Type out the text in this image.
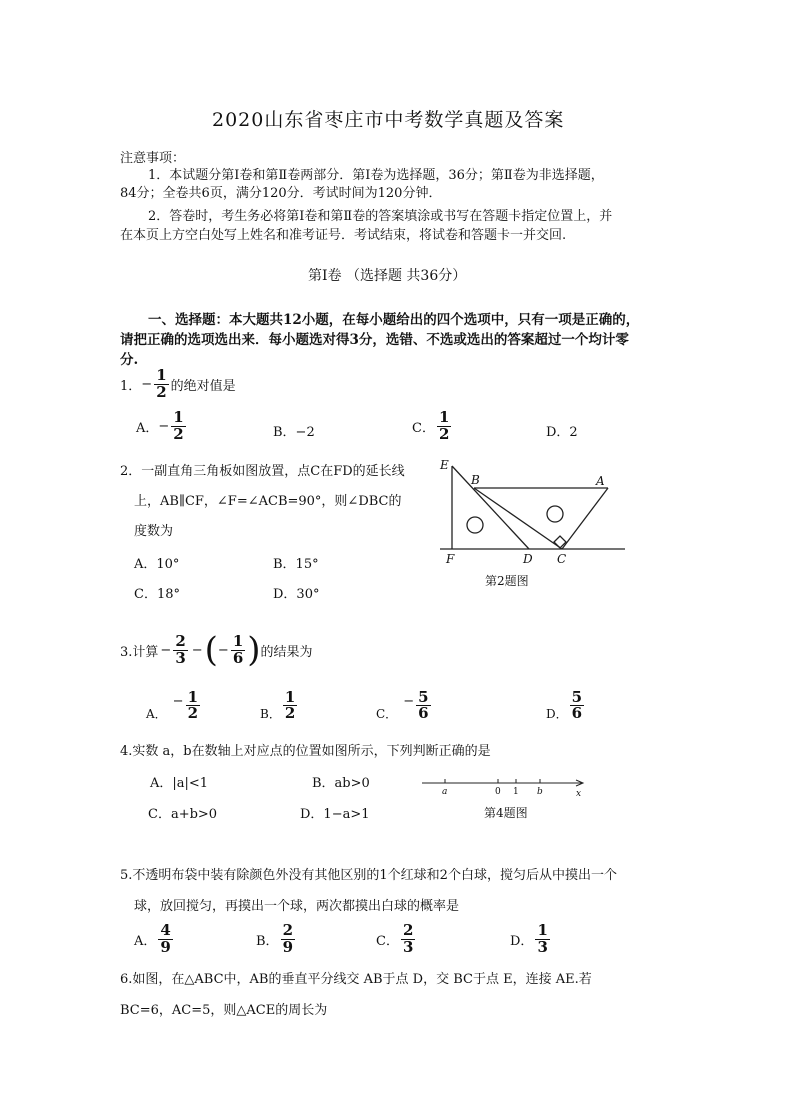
2020山东省枣庄市中考数学真题及答案
注意事项：
1．本试题分第Ⅰ卷和第Ⅱ卷两部分．第Ⅰ卷为选择题，36分；第Ⅱ卷为非选择题，
84分；全卷共6页，满分120分．考试时间为120分钟．
2．答卷时，考生务必将第Ⅰ卷和第Ⅱ卷的答案填涂或书写在答题卡指定位置上，并
在本页上方空白处写上姓名和准考证号．考试结束，将试卷和答题卡一并交回.
第Ⅰ卷 （选择题 共36分）
一、选择题：本大题共12小题，在每小题给出的四个选项中，只有一项是正确的，
请把正确的选项选出来．每小题选对得3分，选错、不选或选出的答案超过一个均计零
分.
1． − $\frac{1}{2}$ 的绝对值是
A． − $\frac{1}{2}$	B．−2	C． $\frac{1}{2}$	D．2
2．一副直角三角板如图放置，点C在FD的延长线
上，AB∥CF，∠F=∠ACB=90°，则∠DBC的
度数为
A．10°	B．15°
C．18°	D．30°
E
B	A
F	D C
第2题图
3.计算 − $\frac{2}{3}$ − ( − $\frac{1}{6}$ ) 的结果为
A．
− $\frac{1}{2}$	B． $\frac{1}{2}$	C．
− $\frac{5}{6}$	D． $\frac{5}{6}$
4.实数 a，b在数轴上对应点的位置如图所示，下列判断正确的是
A．|a|<1	B．ab>0
C．a+b>0	D．1−a>1
a	0 1 b	x
第4题图
5.不透明布袋中装有除颜色外没有其他区别的1个红球和2个白球，搅匀后从中摸出一个
球，放回搅匀，再摸出一个球，两次都摸出白球的概率是
A． $\frac{4}{9}$	B． $\frac{2}{9}$	C． $\frac{2}{3}$	D． $\frac{1}{3}$
6.如图，在△ABC中，AB的垂直平分线交 AB于点 D，交 BC于点 E，连接 AE.若
BC=6，AC=5，则△ACE的周长为
